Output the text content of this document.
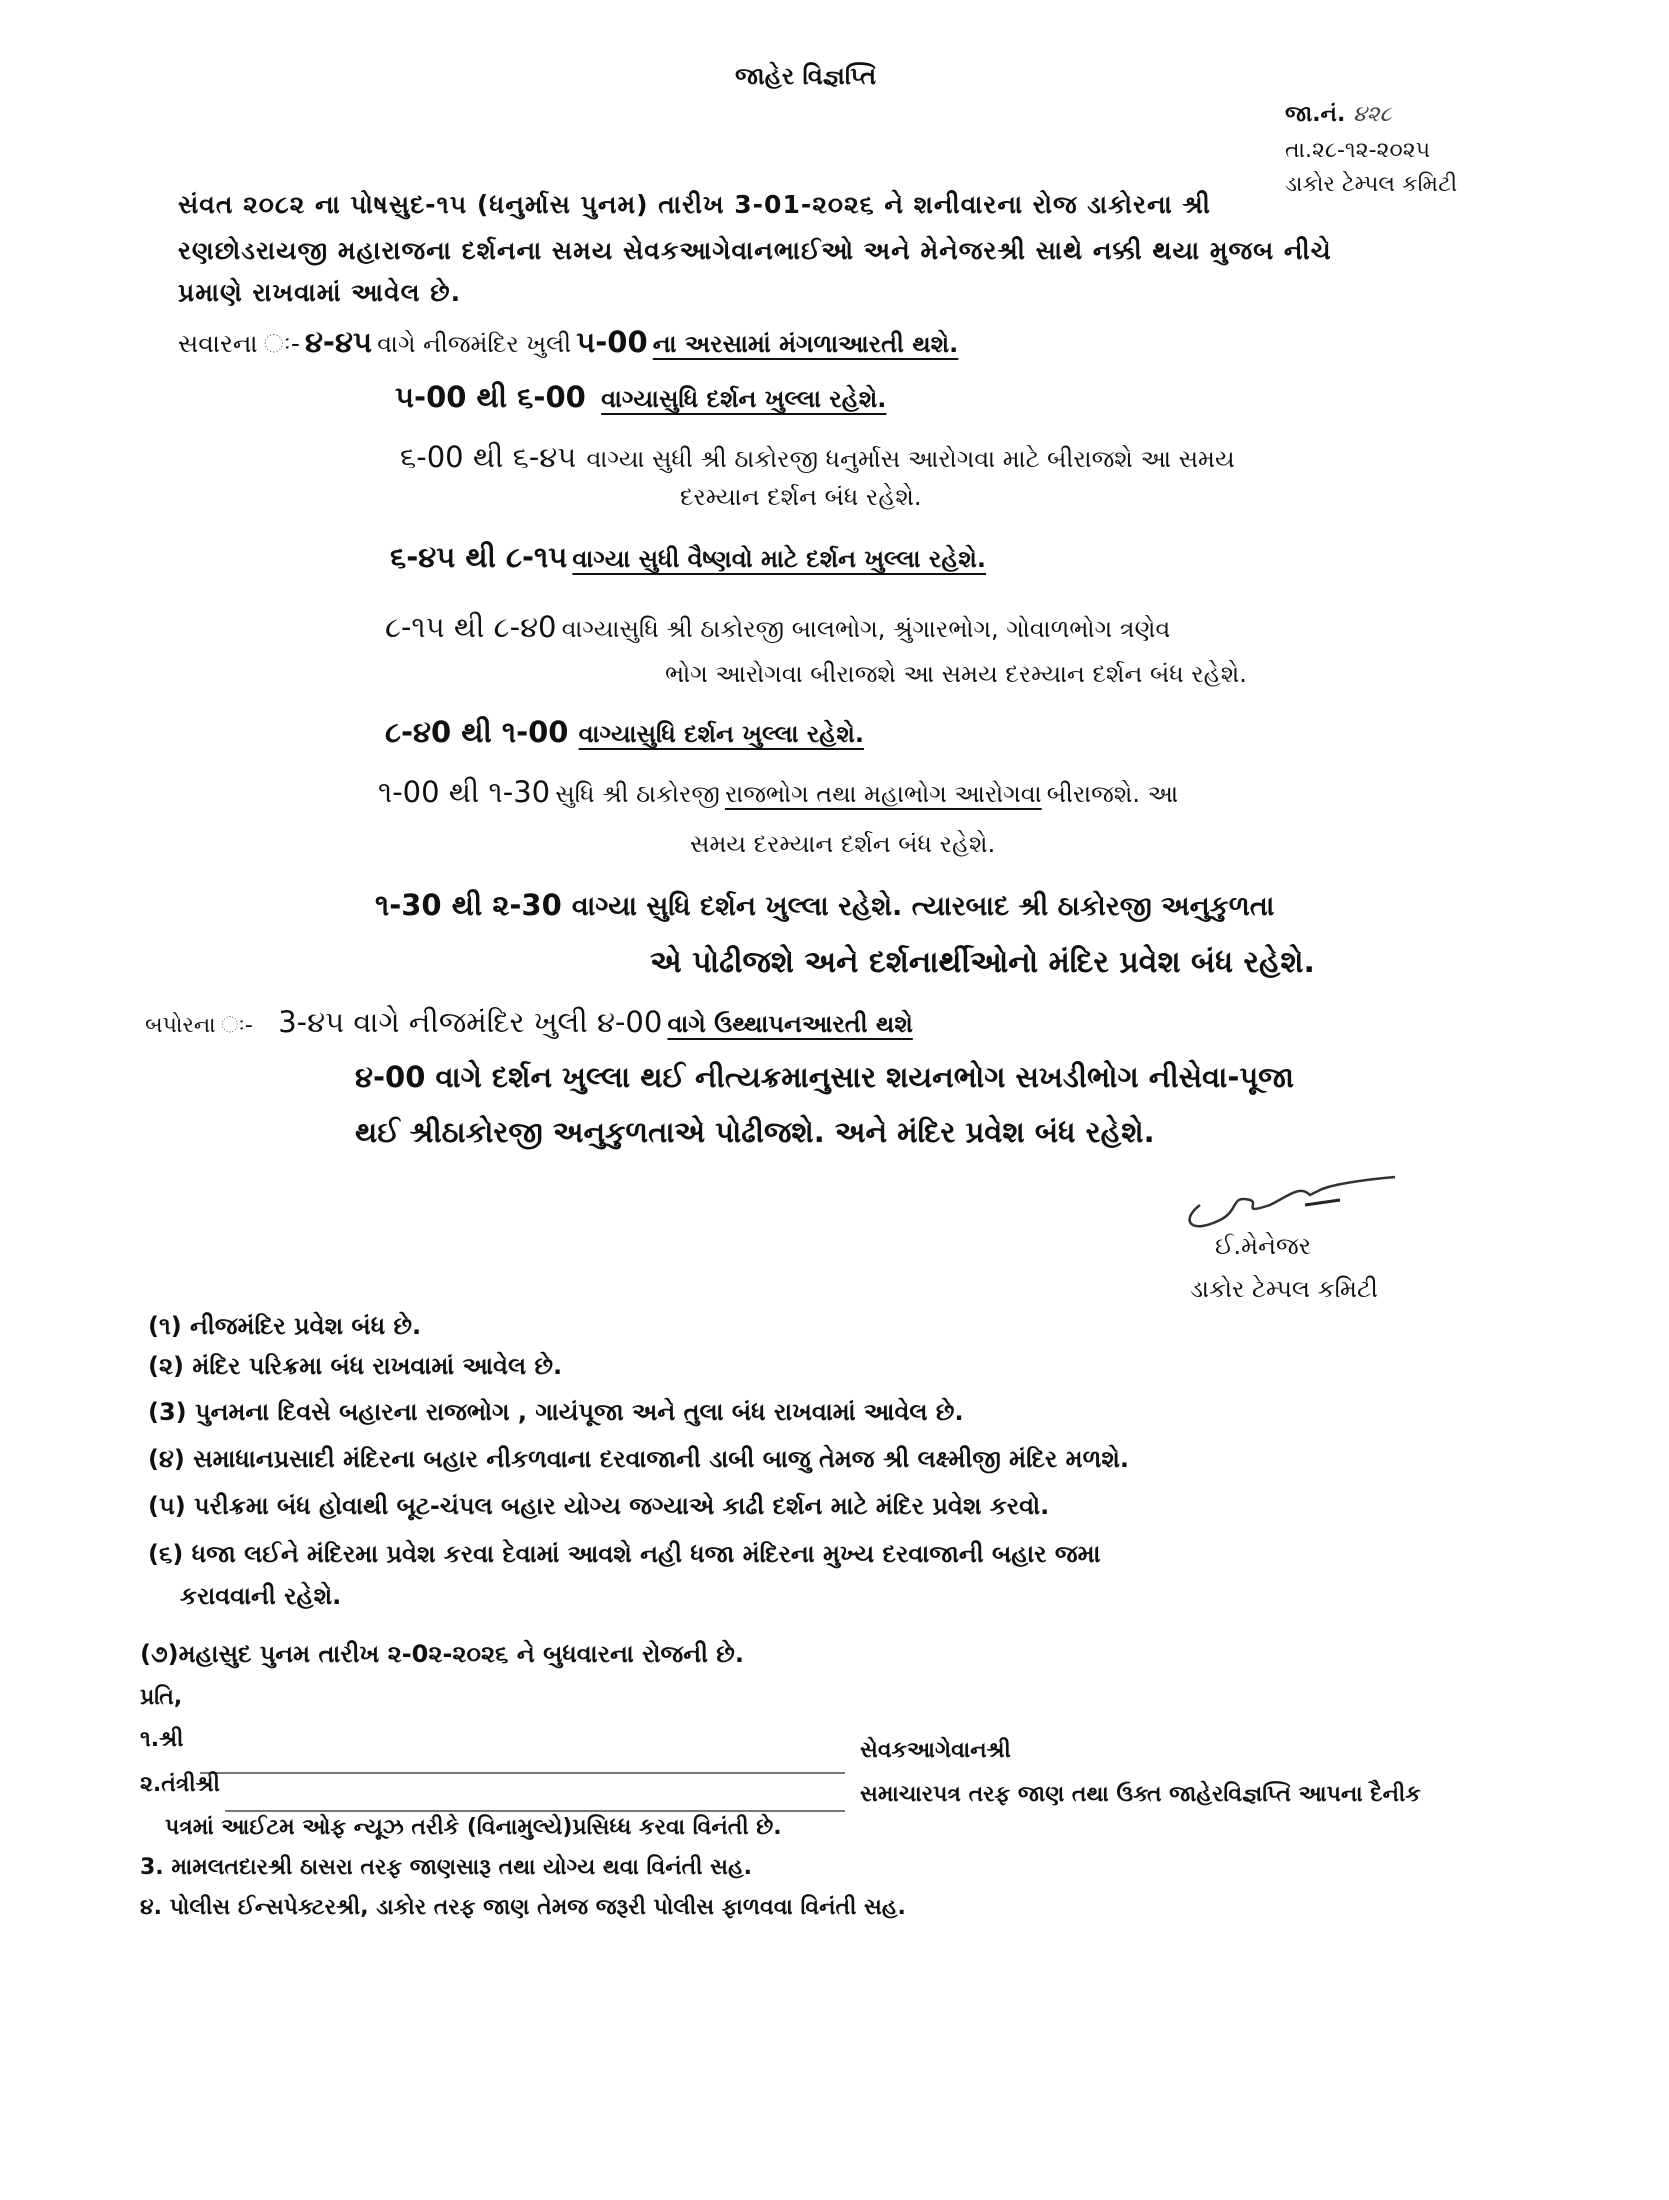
જાહેર વિજ્ઞપ્તિ
જા.નં. ૪૨૮
તા.૨૮-૧૨-૨૦૨૫
ડાકોર ટેમ્પલ કમિટી
સંવત ૨૦૮૨ ના પોષસુદ-૧૫ (ધનુર્માસ પુનમ) તારીખ 3-01-૨૦૨૬ ને શનીવારના રોજ ડાકોરના શ્રી
રણછોડરાયજી મહારાજના દર્શનના સમય સેવકઆગેવાનભાઈઓ અને મેનેજરશ્રી સાથે નક્કી થયા મુજબ નીચે
પ્રમાણે રાખવામાં આવેલ છે.
સવારના ઃ- ૪-૪૫ વાગે નીજમંદિર ખુલી ૫-00 ના અરસામાં મંગળાઆરતી થશે.
૫-00 થી ૬-00 વાગ્યાસુધિ દર્શન ખુલ્લા રહેશે.
૬-00 થી ૬-૪૫ વાગ્યા સુધી શ્રી ઠાકોરજી ધનુર્માસ આરોગવા માટે બીરાજશે આ સમય
દરમ્યાન દર્શન બંધ રહેશે.
૬-૪૫ થી ૮-૧૫ વાગ્યા સુધી વૈષ્ણવો માટે દર્શન ખુલ્લા રહેશે.
૮-૧૫ થી ૮-૪0 વાગ્યાસુધિ શ્રી ઠાકોરજી બાલભોગ, શ્રુંગારભોગ, ગોવાળભોગ ત્રણેવ
ભોગ આરોગવા બીરાજશે આ સમય દરમ્યાન દર્શન બંધ રહેશે.
૮-૪0 થી ૧-00 વાગ્યાસુધિ દર્શન ખુલ્લા રહેશે.
૧-00 થી ૧-30 સુધિ શ્રી ઠાકોરજી રાજભોગ તથા મહાભોગ આરોગવા બીરાજશે. આ
સમય દરમ્યાન દર્શન બંધ રહેશે.
૧-30 થી ૨-30 વાગ્યા સુધિ દર્શન ખુલ્લા રહેશે. ત્યારબાદ શ્રી ઠાકોરજી અનુકુળતા
એ પોઢીજશે અને દર્શનાર્થીઓનો મંદિર પ્રવેશ બંધ રહેશે.
બપોરના ઃ- 3-૪૫ વાગે નીજમંદિર ખુલી ૪-00 વાગે ઉથ્થાપનઆરતી થશે
૪-00 વાગે દર્શન ખુલ્લા થઈ નીત્યક્રમાનુસાર શયનભોગ સખડીભોગ નીસેવા-પૂજા
થઈ શ્રીઠાકોરજી અનુકુળતાએ પોઢીજશે. અને મંદિર પ્રવેશ બંધ રહેશે.
ઈ.મેનેજર
ડાકોર ટેમ્પલ કમિટી
(૧) નીજમંદિર પ્રવેશ બંધ છે.
(૨) મંદિર પરિક્રમા બંધ રાખવામાં આવેલ છે.
(3) પુનમના દિવસે બહારના રાજભોગ , ગાયંપૂજા અને તુલા બંધ રાખવામાં આવેલ છે.
(૪) સમાધાનપ્રસાદી મંદિરના બહાર નીકળવાના દરવાજાની ડાબી બાજુ તેમજ શ્રી લક્ષ્મીજી મંદિર મળશે.
(૫) પરીક્રમા બંધ હોવાથી બૂટ-ચંપલ બહાર યોગ્ય જગ્યાએ કાઢી દર્શન માટે મંદિર પ્રવેશ કરવો.
(૬) ધજા લઈને મંદિરમા પ્રવેશ કરવા દેવામાં આવશે નહી ધજા મંદિરના મુખ્ય દરવાજાની બહાર જમા
કરાવવાની રહેશે.
(૭)મહાસુદ પુનમ તારીખ ૨-0૨-૨૦૨૬ ને બુધવારના રોજની છે.
પ્રતિ,
૧.શ્રી	સેવકઆગેવાનશ્રી
૨.તંત્રીશ્રી	સમાચારપત્ર તરફ જાણ તથા ઉક્ત જાહેરવિજ્ઞપ્તિ આપના દૈનીક
પત્રમાં આઈટમ ઓફ ન્યૂઝ તરીકે (વિનામુલ્યે)પ્રસિધ્ધ કરવા વિનંતી છે.
3. મામલતદારશ્રી ઠાસરા તરફ જાણસારૂ તથા યોગ્ય થવા વિનંતી સહ.
૪. પોલીસ ઈન્સપેક્ટરશ્રી, ડાકોર તરફ જાણ તેમજ જરૂરી પોલીસ ફાળવવા વિનંતી સહ.
